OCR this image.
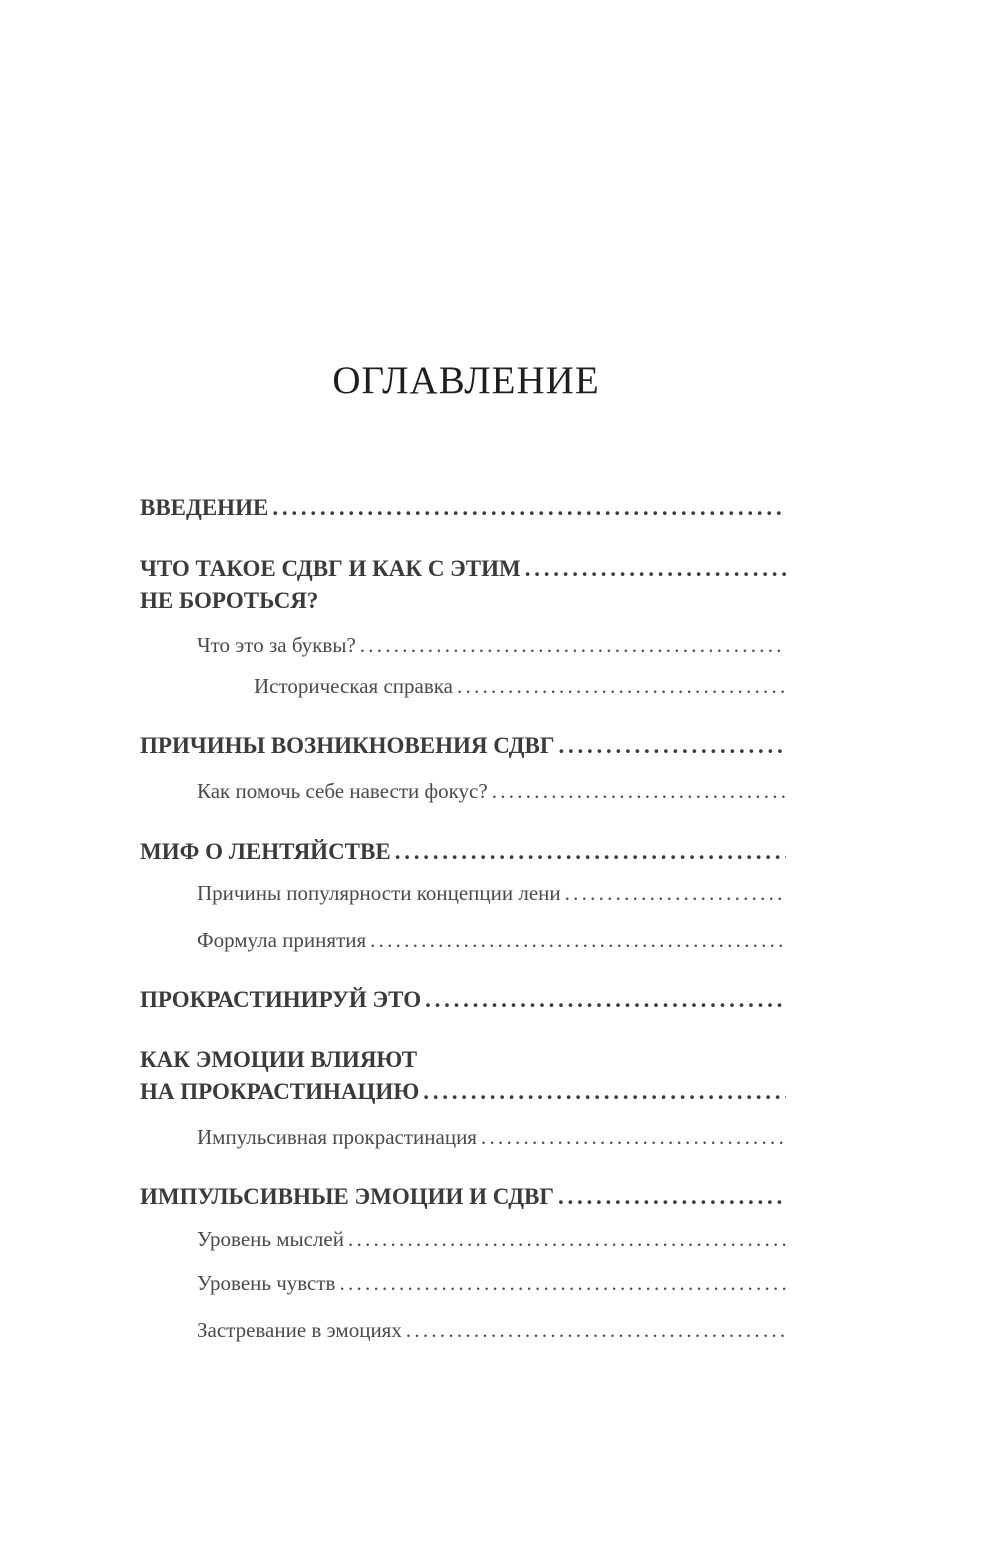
ОГЛАВЛЕНИЕ
ВВЕДЕНИЕ
. . .
ЧТО ТАКОЕ СДВГ И КАК С ЭТИМ
. . .
НЕ БОРОТЬСЯ?
Что это за буквы?
. . .
Историческая справка
. . .
ПРИЧИНЫ ВОЗНИКНОВЕНИЯ СДВГ
. . .
Как помочь себе навести фокус?
. . .
МИФ О ЛЕНТЯЙСТВЕ
. . .
Причины популярности концепции лени
. . .
Формула принятия
. . .
ПРОКРАСТИНИРУЙ ЭТО
. . .
КАК ЭМОЦИИ ВЛИЯЮТ
НА ПРОКРАСТИНАЦИЮ
. . .
Импульсивная прокрастинация
. . .
ИМПУЛЬСИВНЫЕ ЭМОЦИИ И СДВГ
. . .
Уровень мыслей
. . .
Уровень чувств
. . .
Застревание в эмоциях
. . .
